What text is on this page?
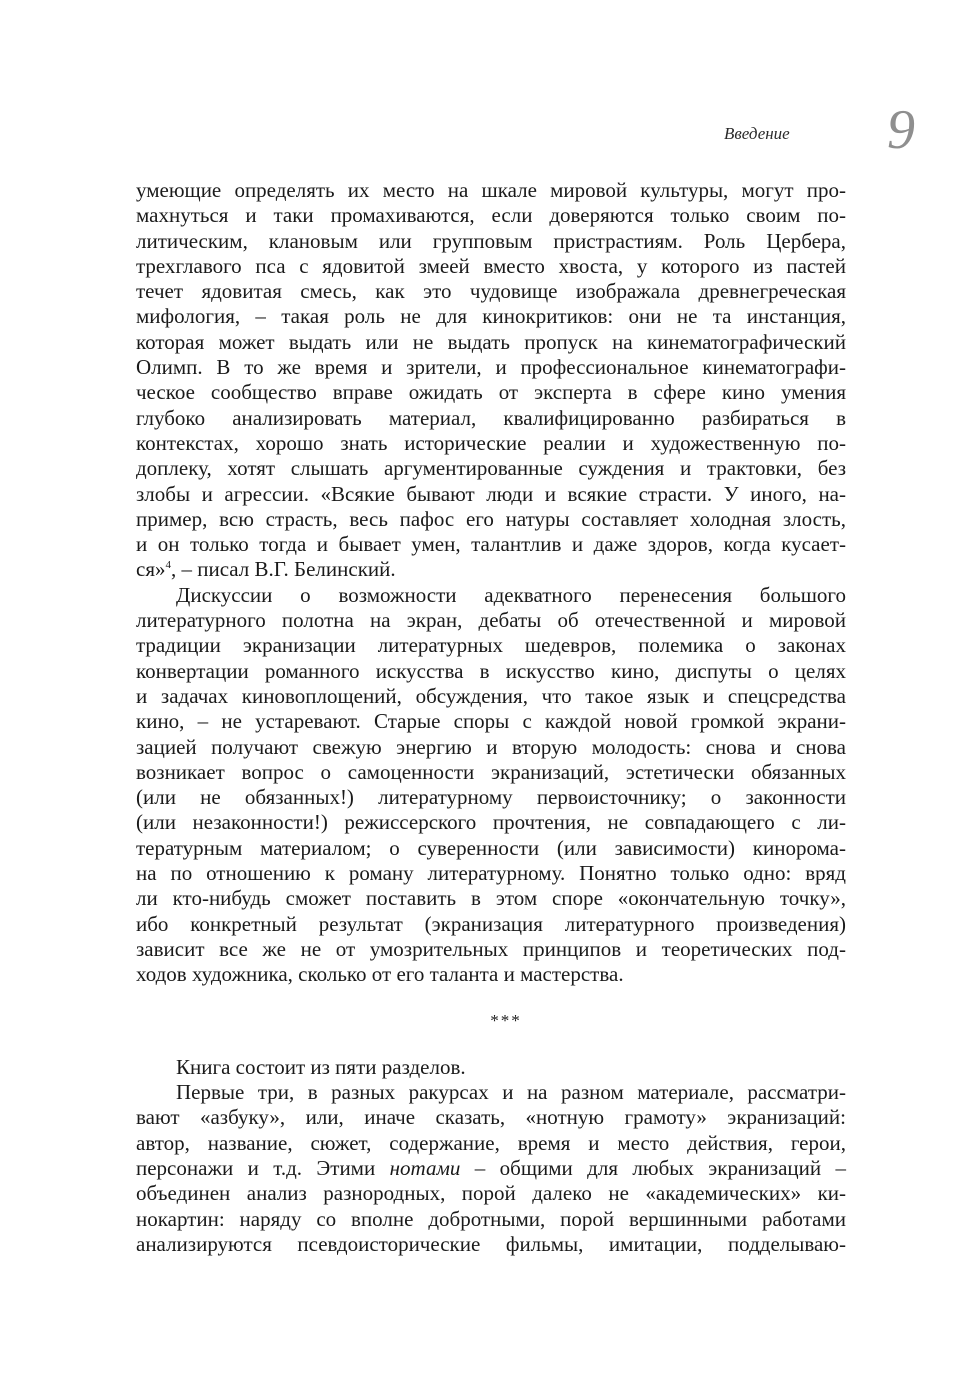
Введение 9
умеющие определять их место на шкале мировой культуры, могут про-
махнуться и таки промахиваются, если доверяются только своим по-
литическим, клановым или групповым пристрастиям. Роль Цербера,
трехглавого пса с ядовитой змеей вместо хвоста, у которого из пастей
течет ядовитая смесь, как это чудовище изображала древнегреческая
мифология, – такая роль не для кинокритиков: они не та инстанция,
которая может выдать или не выдать пропуск на кинематографический
Олимп. В то же время и зрители, и профессиональное кинематографи-
ческое сообщество вправе ожидать от эксперта в сфере кино умения
глубоко анализировать материал, квалифицированно разбираться в
контекстах, хорошо знать исторические реалии и художественную по-
доплеку, хотят слышать аргументированные суждения и трактовки, без
злобы и агрессии. «Всякие бывают люди и всякие страсти. У иного, на-
пример, всю страсть, весь пафос его натуры составляет холодная злость,
и он только тогда и бывает умен, талантлив и даже здоров, когда кусает-
ся»$^4$, – писал В.Г. Белинский.
Дискуссии о возможности адекватного перенесения большого
литературного полотна на экран, дебаты об отечественной и мировой
традиции экранизации литературных шедевров, полемика о законах
конвертации романного искусства в искусство кино, диспуты о целях
и задачах киновоплощений, обсуждения, что такое язык и спецсредства
кино, – не устаревают. Старые споры с каждой новой громкой экрани-
зацией получают свежую энергию и вторую молодость: снова и снова
возникает вопрос о самоценности экранизаций, эстетически обязанных
(или не обязанных!) литературному первоисточнику; о законности
(или незаконности!) режиссерского прочтения, не совпадающего с ли-
тературным материалом; о суверенности (или зависимости) кинорома-
на по отношению к роману литературному. Понятно только одно: вряд
ли кто-нибудь сможет поставить в этом споре «окончательную точку»,
ибо конкретный результат (экранизация литературного произведения)
зависит все же не от умозрительных принципов и теоретических под-
ходов художника, сколько от его таланта и мастерства.
***
Книга состоит из пяти разделов.
Первые три, в разных ракурсах и на разном материале, рассматри-
вают «азбуку», или, иначе сказать, «нотную грамоту» экранизаций:
автор, название, сюжет, содержание, время и место действия, герои,
персонажи и т.д. Этими нотами – общими для любых экранизаций –
объединен анализ разнородных, порой далеко не «академических» ки-
нокартин: наряду со вполне добротными, порой вершинными работами
анализируются псевдоисторические фильмы, имитации, подделываю-
